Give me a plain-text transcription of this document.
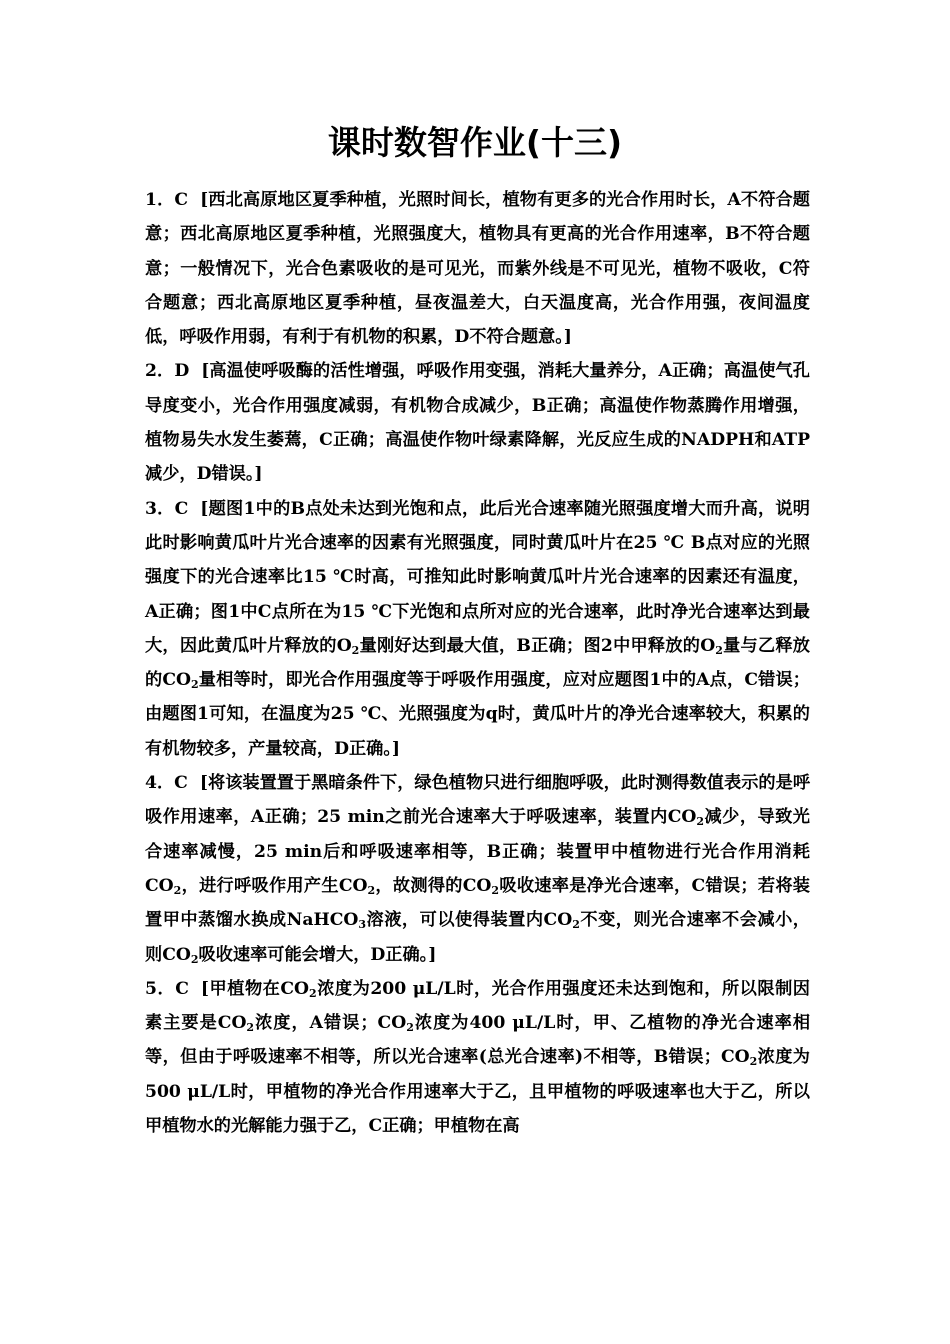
课时数智作业(十三)

1．C [西北高原地区夏季种植，光照时间长，植物有更多的光合作用时长，A不符合题意；西北高原地区夏季种植，光照强度大，植物具有更高的光合作用速率，B不符合题意；一般情况下，光合色素吸收的是可见光，而紫外线是不可见光，植物不吸收，C符合题意；西北高原地区夏季种植，昼夜温差大，白天温度高，光合作用强，夜间温度低，呼吸作用弱，有利于有机物的积累，D不符合题意。]

2．D [高温使呼吸酶的活性增强，呼吸作用变强，消耗大量养分，A正确；高温使气孔导度变小，光合作用强度减弱，有机物合成减少，B正确；高温使作物蒸腾作用增强，植物易失水发生萎蔫，C正确；高温使作物叶绿素降解，光反应生成的NADPH和ATP减少，D错误。]

3．C [题图1中的B点处未达到光饱和点，此后光合速率随光照强度增大而升高，说明此时影响黄瓜叶片光合速率的因素有光照强度，同时黄瓜叶片在25 ℃ B点对应的光照强度下的光合速率比15 ℃时高，可推知此时影响黄瓜叶片光合速率的因素还有温度，A正确；图1中C点所在为15 ℃下光饱和点所对应的光合速率，此时净光合速率达到最大，因此黄瓜叶片释放的$O_2$量刚好达到最大值，B正确；图2中甲释放的$O_2$量与乙释放的$CO_2$量相等时，即光合作用强度等于呼吸作用强度，应对应题图1中的A点，C错误；由题图1可知，在温度为25 ℃、光照强度为q时，黄瓜叶片的净光合速率较大，积累的有机物较多，产量较高，D正确。]

4．C [将该装置置于黑暗条件下，绿色植物只进行细胞呼吸，此时测得数值表示的是呼吸作用速率，A正确；25 min之前光合速率大于呼吸速率，装置内$CO_2$减少，导致光合速率减慢，25 min后和呼吸速率相等，B正确；装置甲中植物进行光合作用消耗$CO_2$，进行呼吸作用产生$CO_2$，故测得的$CO_2$吸收速率是净光合速率，C错误；若将装置甲中蒸馏水换成NaHCO$_3$溶液，可以使得装置内$CO_2$不变，则光合速率不会减小，则$CO_2$吸收速率可能会增大，D正确。]

5．C [甲植物在$CO_2$浓度为200 μL/L时，光合作用强度还未达到饱和，所以限制因素主要是$CO_2$浓度，A错误；$CO_2$浓度为400 μL/L时，甲、乙植物的净光合速率相等，但由于呼吸速率不相等，所以光合速率(总光合速率)不相等，B错误；$CO_2$浓度为500 μL/L时，甲植物的净光合作用速率大于乙，且甲植物的呼吸速率也大于乙，所以甲植物水的光解能力强于乙，C正确；甲植物在高
